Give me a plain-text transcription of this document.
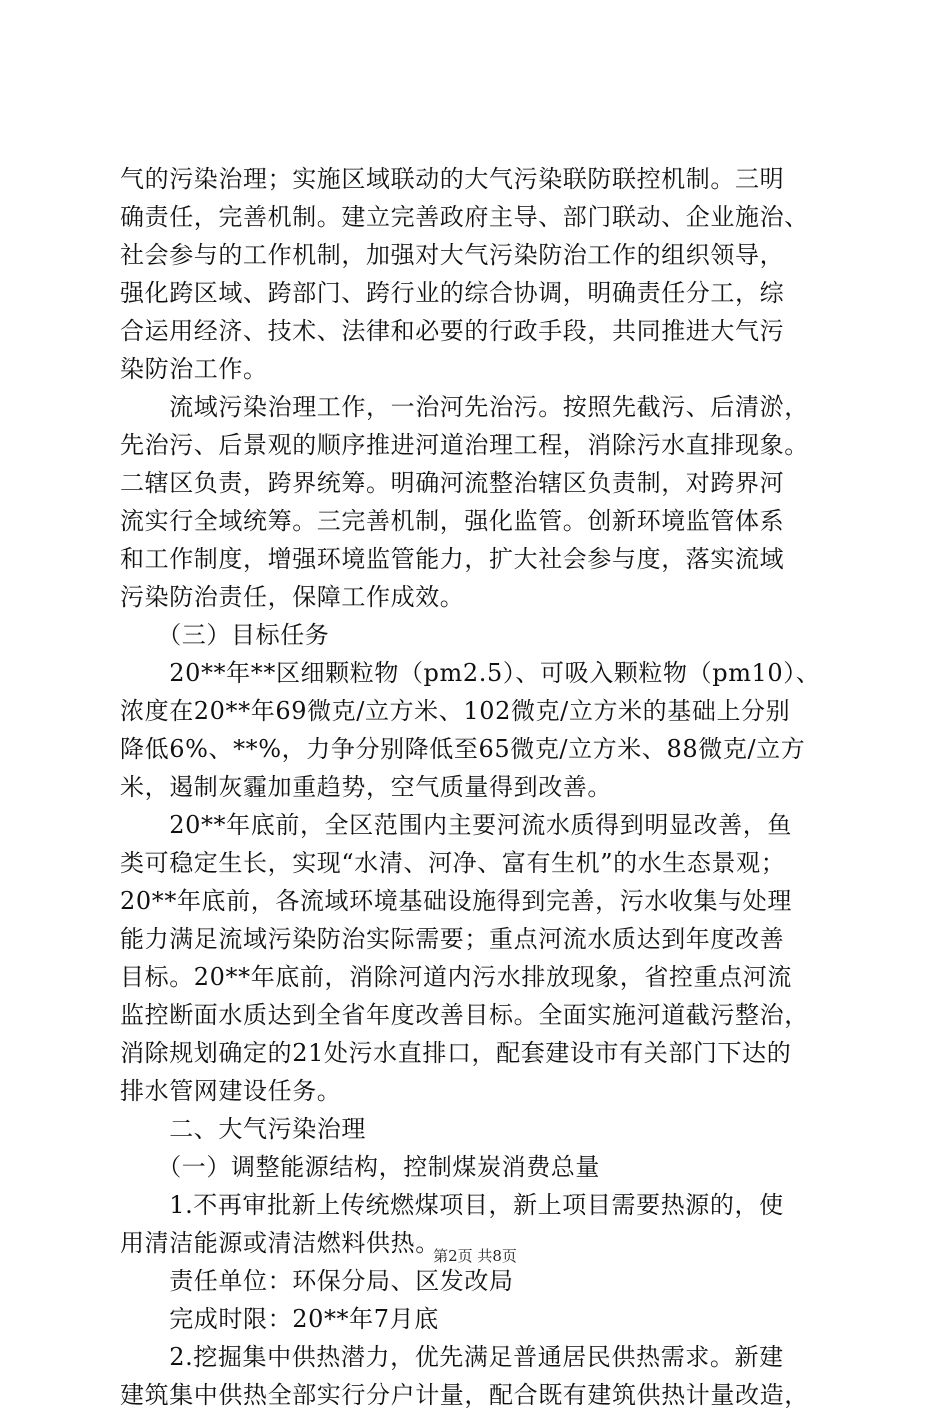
气的污染治理；实施区域联动的大气污染联防联控机制。三明
确责任，完善机制。建立完善政府主导、部门联动、企业施治、
社会参与的工作机制，加强对大气污染防治工作的组织领导，
强化跨区域、跨部门、跨行业的综合协调，明确责任分工，综
合运用经济、技术、法律和必要的行政手段，共同推进大气污
染防治工作。
　　流域污染治理工作，一治河先治污。按照先截污、后清淤，
先治污、后景观的顺序推进河道治理工程，消除污水直排现象。
二辖区负责，跨界统筹。明确河流整治辖区负责制，对跨界河
流实行全域统筹。三完善机制，强化监管。创新环境监管体系
和工作制度，增强环境监管能力，扩大社会参与度，落实流域
污染防治责任，保障工作成效。
　　（三）目标任务
　　20**年**区细颗粒物（pm2.5）、可吸入颗粒物（pm10）、
浓度在20**年69微克/立方米、102微克/立方米的基础上分别
降低6%、**%，力争分别降低至65微克/立方米、88微克/立方
米，遏制灰霾加重趋势，空气质量得到改善。
　　20**年底前，全区范围内主要河流水质得到明显改善，鱼
类可稳定生长，实现“水清、河净、富有生机”的水生态景观；
20**年底前，各流域环境基础设施得到完善，污水收集与处理
能力满足流域污染防治实际需要；重点河流水质达到年度改善
目标。20**年底前，消除河道内污水排放现象，省控重点河流
监控断面水质达到全省年度改善目标。全面实施河道截污整治，
消除规划确定的21处污水直排口，配套建设市有关部门下达的
排水管网建设任务。
　　二、大气污染治理
　　（一）调整能源结构，控制煤炭消费总量
　　1.不再审批新上传统燃煤项目，新上项目需要热源的，使
用清洁能源或清洁燃料供热。
　　责任单位：环保分局、区发改局
　　完成时限：20**年7月底
　　2.挖掘集中供热潜力，优先满足普通居民供热需求。新建
建筑集中供热全部实行分户计量，配合既有建筑供热计量改造，
第2页 共8页
